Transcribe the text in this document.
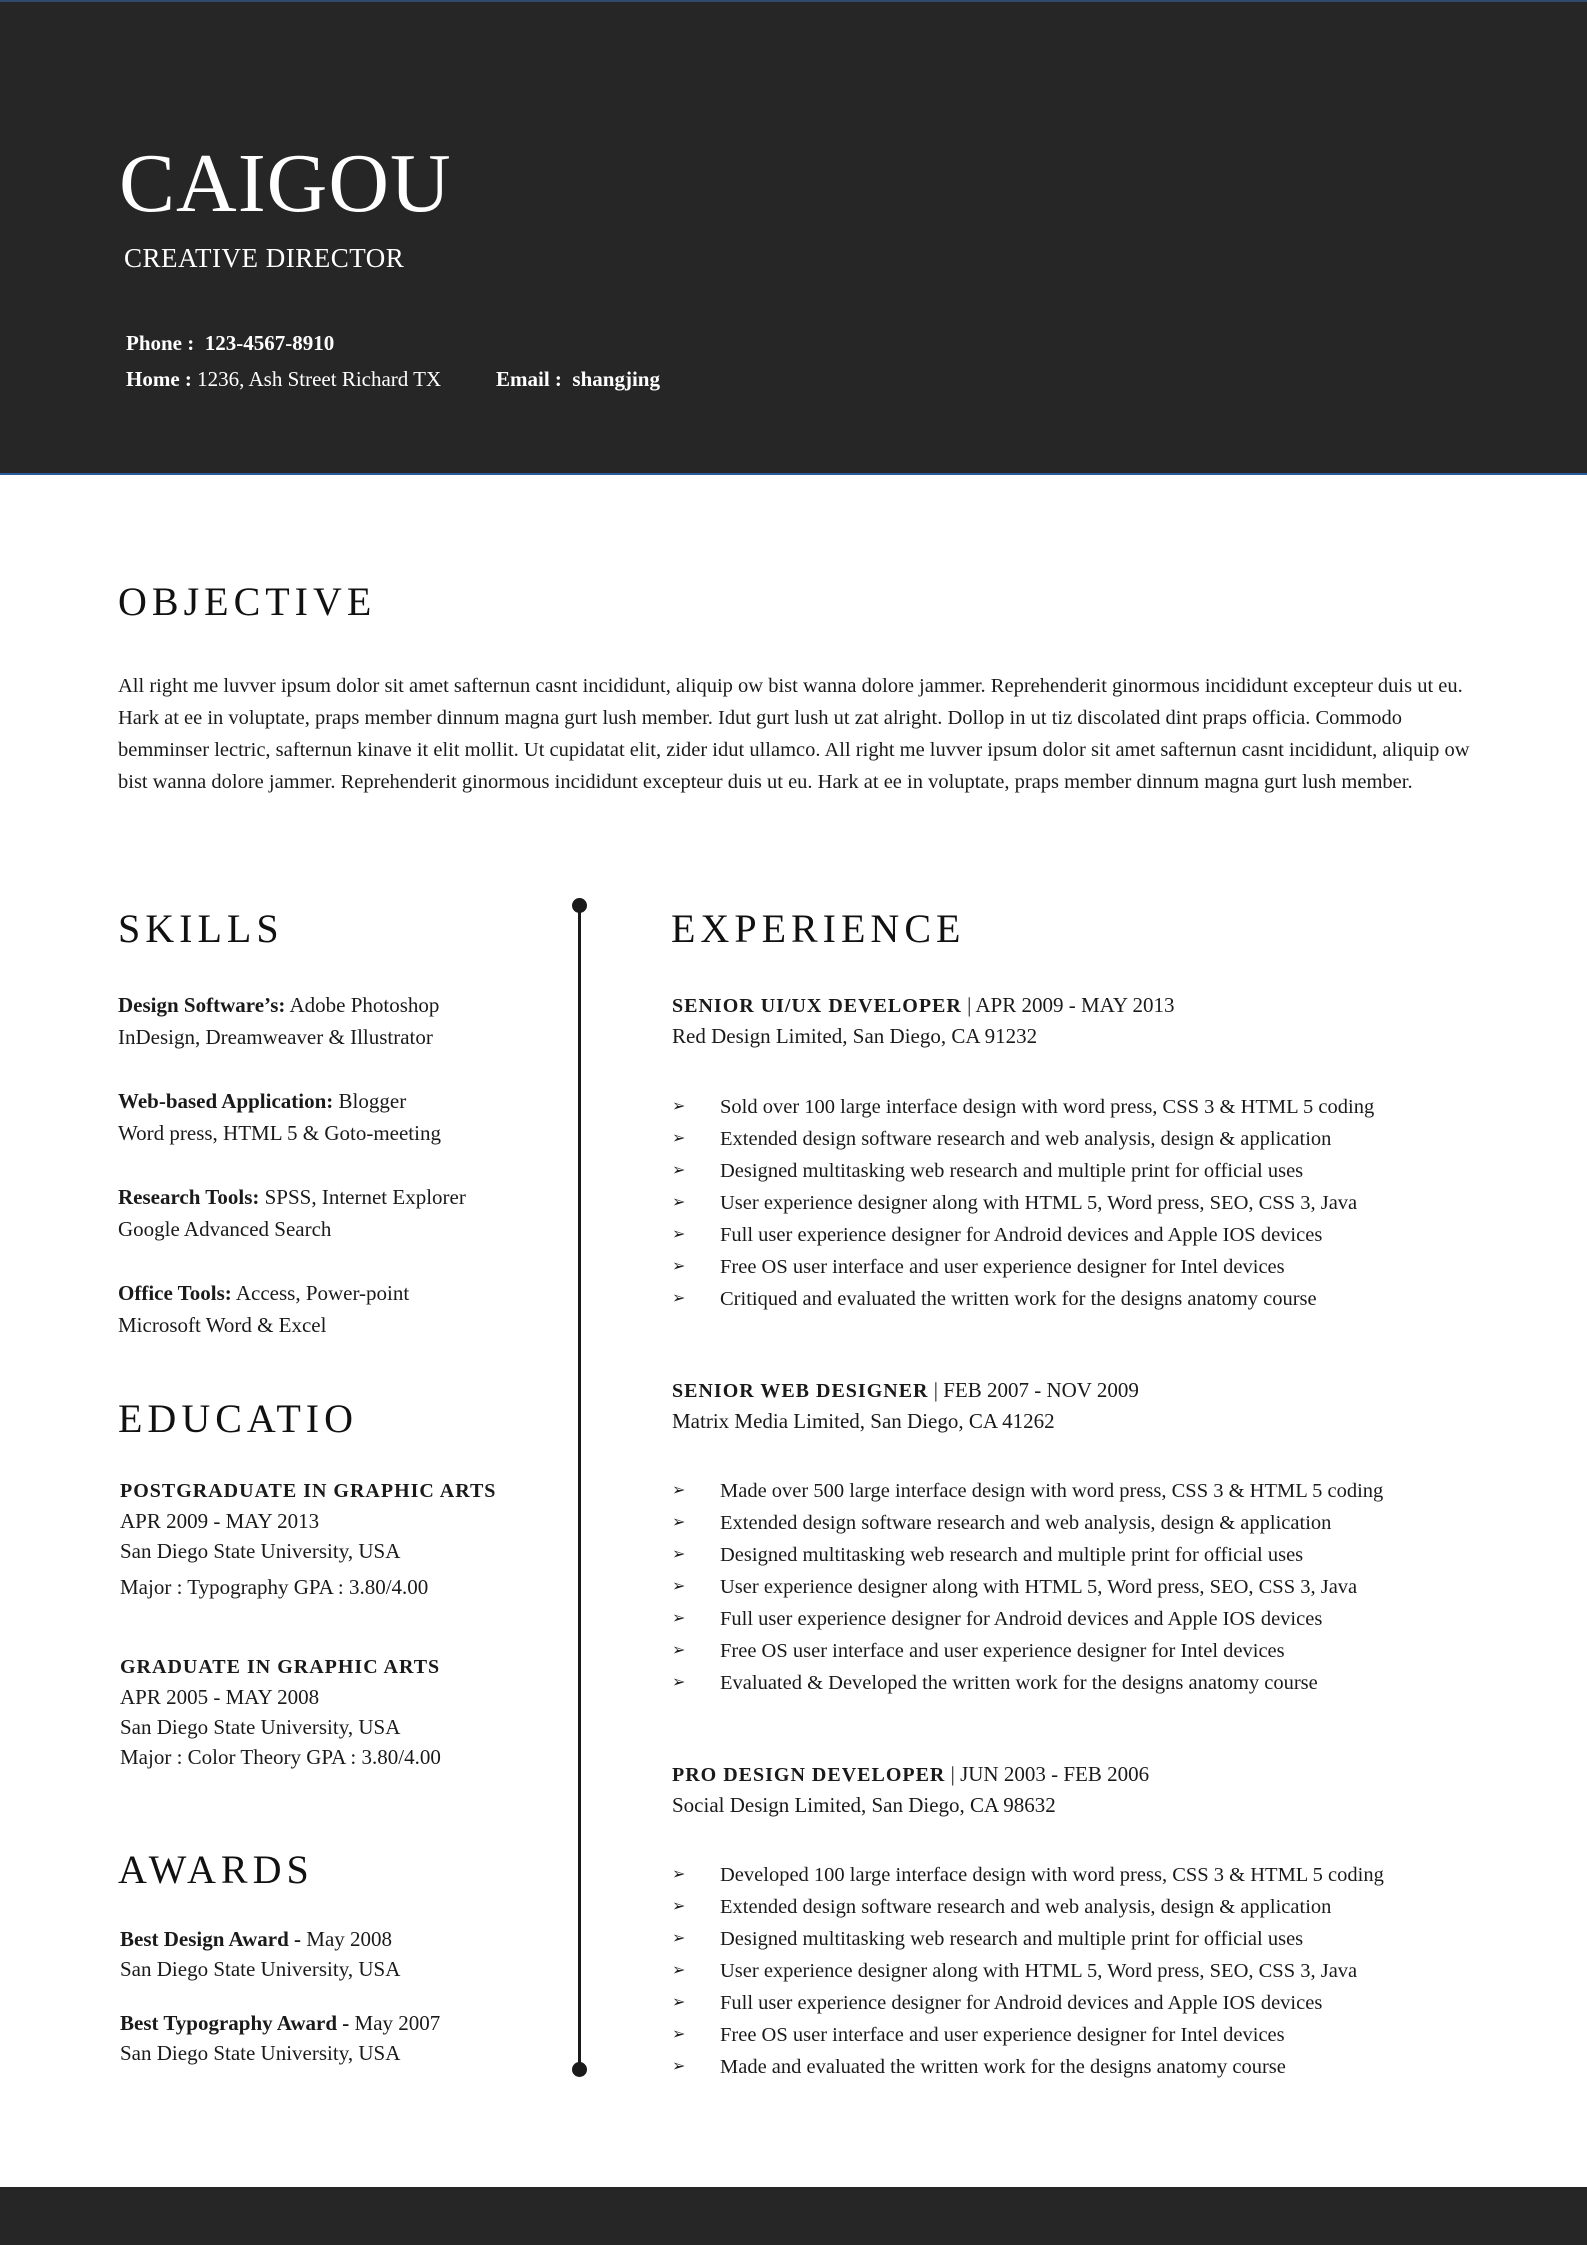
CAIGOU
CREATIVE DIRECTOR
Phone : 123-4567-8910
Home : 1236, Ash Street Richard TX	Email : shangjing
OBJECTIVE
All right me luvver ipsum dolor sit amet safternun casnt incididunt, aliquip ow bist wanna dolore jammer. Reprehenderit ginormous incididunt excepteur duis ut eu. Hark at ee in voluptate, praps member dinnum magna gurt lush member. Idut gurt lush ut zat alright. Dollop in ut tiz discolated dint praps officia. Commodo bemminser lectric, safternun kinave it elit mollit. Ut cupidatat elit, zider idut ullamco. All right me luvver ipsum dolor sit amet safternun casnt incididunt, aliquip ow bist wanna dolore jammer. Reprehenderit ginormous incididunt excepteur duis ut eu. Hark at ee in voluptate, praps member dinnum magna gurt lush member.
SKILLS
Design Software’s: Adobe Photoshop
InDesign, Dreamweaver & Illustrator
Web-based Application: Blogger
Word press, HTML 5 & Goto-meeting
Research Tools: SPSS, Internet Explorer
Google Advanced Search
Office Tools: Access, Power-point
Microsoft Word & Excel
EDUCATIO
POSTGRADUATE IN GRAPHIC ARTS
APR 2009 - MAY 2013
San Diego State University, USA
Major : Typography GPA : 3.80/4.00
GRADUATE IN GRAPHIC ARTS
APR 2005 - MAY 2008
San Diego State University, USA
Major : Color Theory GPA : 3.80/4.00
AWARDS
Best Design Award - May 2008
San Diego State University, USA
Best Typography Award - May 2007
San Diego State University, USA
EXPERIENCE
SENIOR UI/UX DEVELOPER | APR 2009 - MAY 2013
Red Design Limited, San Diego, CA 91232
➢	Sold over 100 large interface design with word press, CSS 3 & HTML 5 coding
➢	Extended design software research and web analysis, design & application
➢	Designed multitasking web research and multiple print for official uses
➢	User experience designer along with HTML 5, Word press, SEO, CSS 3, Java
➢	Full user experience designer for Android devices and Apple IOS devices
➢	Free OS user interface and user experience designer for Intel devices
➢	Critiqued and evaluated the written work for the designs anatomy course
SENIOR WEB DESIGNER | FEB 2007 - NOV 2009
Matrix Media Limited, San Diego, CA 41262
➢	Made over 500 large interface design with word press, CSS 3 & HTML 5 coding
➢	Extended design software research and web analysis, design & application
➢	Designed multitasking web research and multiple print for official uses
➢	User experience designer along with HTML 5, Word press, SEO, CSS 3, Java
➢	Full user experience designer for Android devices and Apple IOS devices
➢	Free OS user interface and user experience designer for Intel devices
➢	Evaluated & Developed the written work for the designs anatomy course
PRO DESIGN DEVELOPER | JUN 2003 - FEB 2006
Social Design Limited, San Diego, CA 98632
➢	Developed 100 large interface design with word press, CSS 3 & HTML 5 coding
➢	Extended design software research and web analysis, design & application
➢	Designed multitasking web research and multiple print for official uses
➢	User experience designer along with HTML 5, Word press, SEO, CSS 3, Java
➢	Full user experience designer for Android devices and Apple IOS devices
➢	Free OS user interface and user experience designer for Intel devices
➢	Made and evaluated the written work for the designs anatomy course
